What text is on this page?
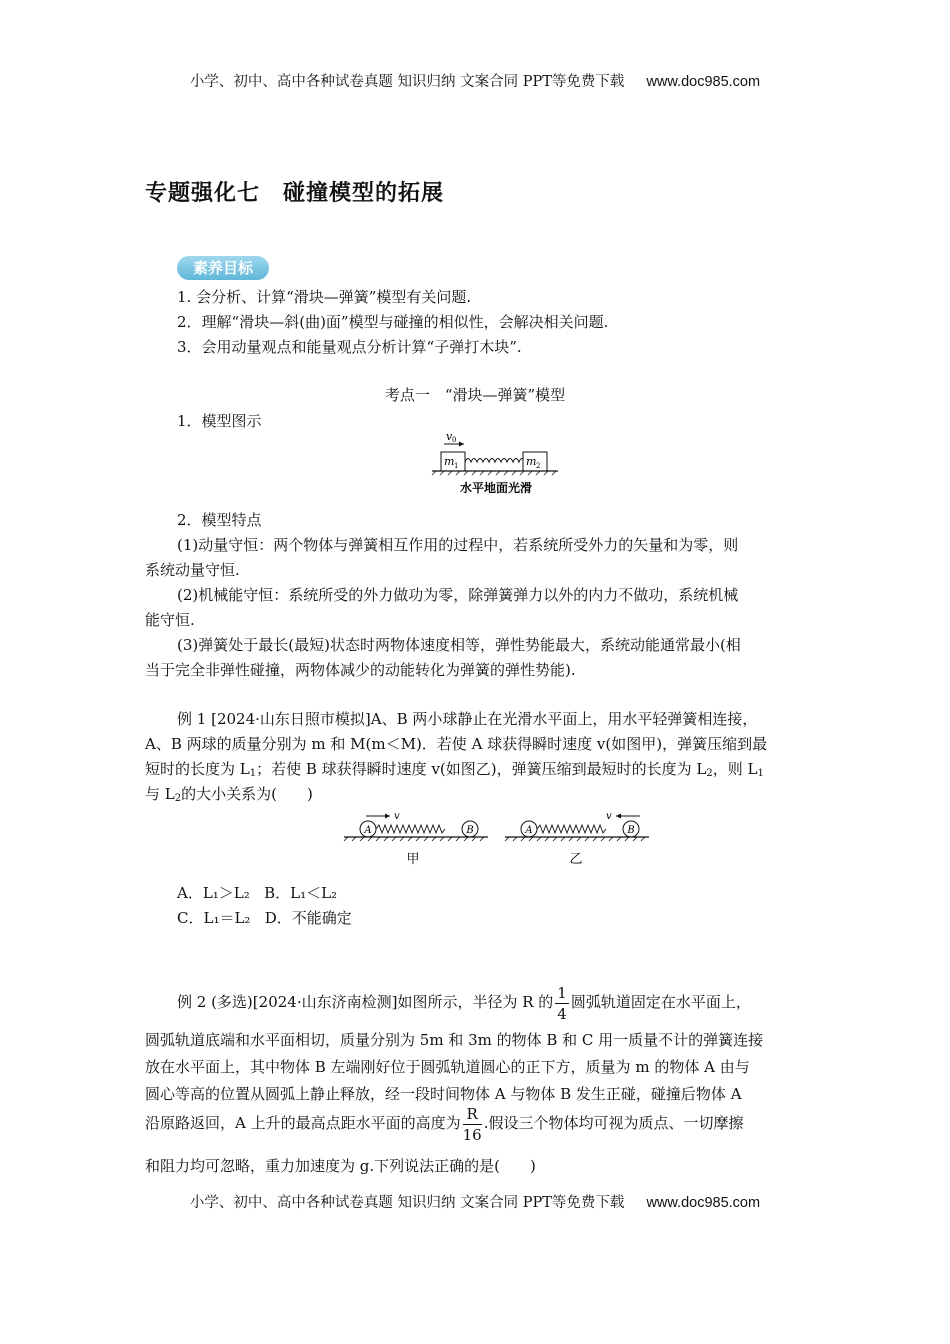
小学、初中、高中各种试卷真题 知识归纳 文案合同 PPT等免费下载 www.doc985.com
专题强化七　碰撞模型的拓展
素养目标
1. 会分析、计算“滑块—弹簧”模型有关问题.
2．理解“滑块—斜(曲)面”模型与碰撞的相似性，会解决相关问题.
3．会用动量观点和能量观点分析计算“子弹打木块”.
考点一　“滑块—弹簧”模型
1．模型图示
v 0
m 1	m 2
水平地面光滑
2．模型特点
(1)动量守恒：两个物体与弹簧相互作用的过程中，若系统所受外力的矢量和为零，则
系统动量守恒.
(2)机械能守恒：系统所受的外力做功为零，除弹簧弹力以外的内力不做功，系统机械
能守恒.
(3)弹簧处于最长(最短)状态时两物体速度相等，弹性势能最大，系统动能通常最小(相
当于完全非弹性碰撞，两物体减少的动能转化为弹簧的弹性势能).
例 1 [2024·山东日照市模拟]A、B 两小球静止在光滑水平面上，用水平轻弹簧相连接，
A、B 两球的质量分别为 m 和 M(m＜M)．若使 A 球获得瞬时速度 v(如图甲)，弹簧压缩到最
短时的长度为 $L_1$；若使 B 球获得瞬时速度 v(如图乙)，弹簧压缩到最短时的长度为 $L_2$，则 $L_1$
与 $L_2$的大小关系为(　　)
v
A	B
甲
v
A	B
乙
A．L₁＞L₂ B．L₁＜L₂
C．L₁＝L₂ D．不能确定
例 2 (多选)[2024·山东济南检测]如图所示，半径为 R 的 $\frac{1}{4}$ 圆弧轨道固定在水平面上，
圆弧轨道底端和水平面相切，质量分别为 5m 和 3m 的物体 B 和 C 用一质量不计的弹簧连接
放在水平面上，其中物体 B 左端刚好位于圆弧轨道圆心的正下方，质量为 m 的物体 A 由与
圆心等高的位置从圆弧上静止释放，经一段时间物体 A 与物体 B 发生正碰，碰撞后物体 A
沿原路返回，A 上升的最高点距水平面的高度为 $\frac{R}{16}$ .假设三个物体均可视为质点、一切摩擦
和阻力均可忽略，重力加速度为 g.下列说法正确的是(　　)
小学、初中、高中各种试卷真题 知识归纳 文案合同 PPT等免费下载 www.doc985.com
